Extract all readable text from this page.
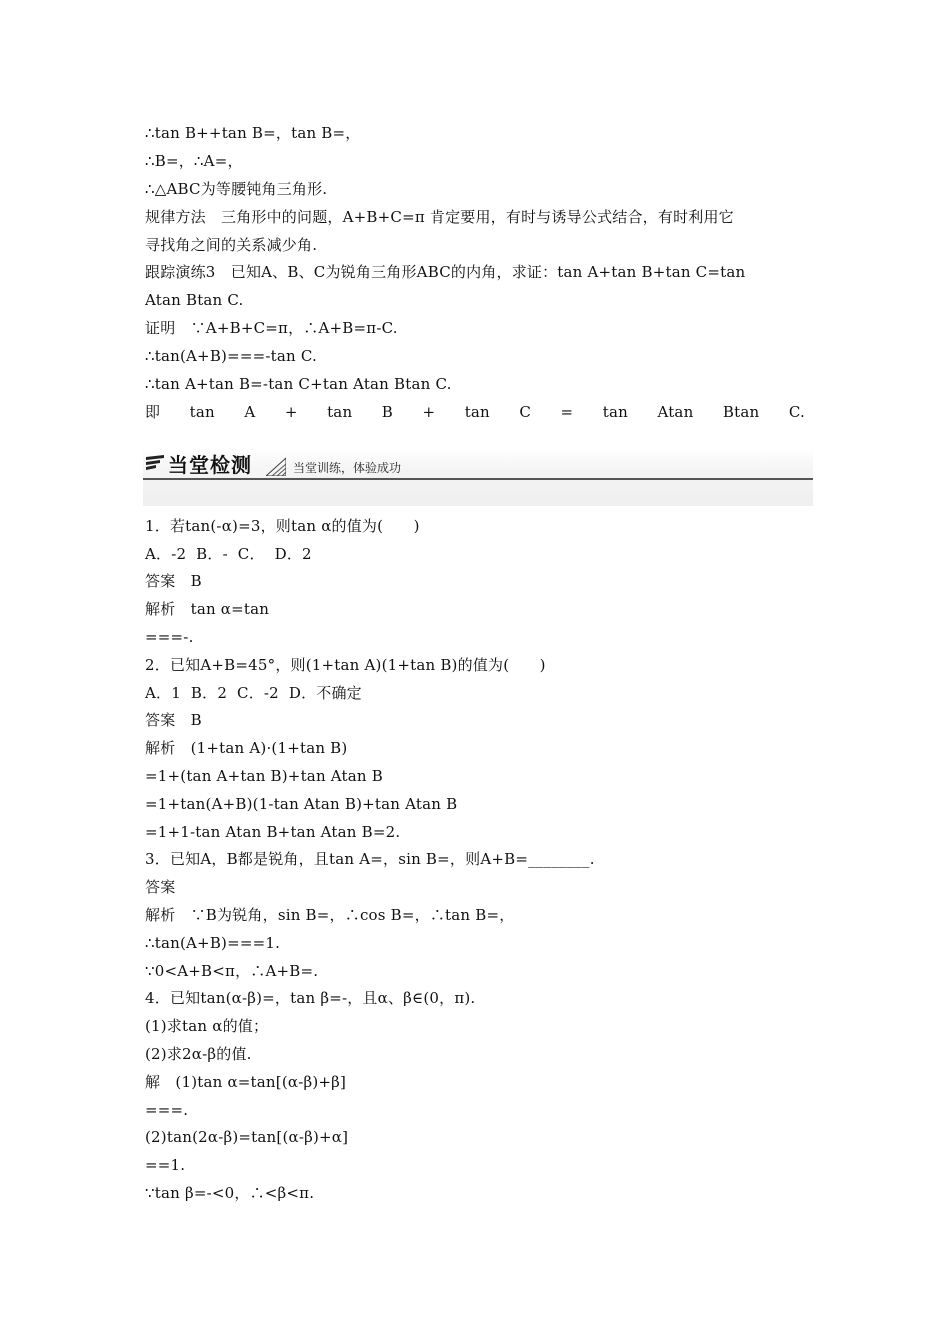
∴tan B++tan B=，tan B=，
∴B=，∴A=，
∴△ABC为等腰钝角三角形.
规律方法　三角形中的问题，A+B+C=π 肯定要用，有时与诱导公式结合，有时利用它
寻找角之间的关系减少角.
跟踪演练3　已知A、B、C为锐角三角形ABC的内角，求证：tan A+tan B+tan C=tan
Atan Btan C.
证明　∵A+B+C=π，∴A+B=π-C.
∴tan(A+B)===-tan C.
∴tan A+tan B=-tan C+tan Atan Btan C.
即 tan A + tan B + tan C = tan Atan Btan C.
当堂检测	当堂训练，体验成功
1．若tan(-α)=3，则tan α的值为(　　)
A．-2  B．-  C．  D．2
答案　B
解析　tan α=tan
===-.
2．已知A+B=45°，则(1+tan A)(1+tan B)的值为(　　)
A．1  B．2  C．-2  D．不确定
答案　B
解析　(1+tan A)·(1+tan B)
=1+(tan A+tan B)+tan Atan B
=1+tan(A+B)(1-tan Atan B)+tan Atan B
=1+1-tan Atan B+tan Atan B=2.
3．已知A，B都是锐角，且tan A=，sin B=，则A+B=________.
答案
解析　∵B为锐角，sin B=，∴cos B=，∴tan B=，
∴tan(A+B)===1.
∵0<A+B<π，∴A+B=.
4．已知tan(α-β)=，tan β=-，且α、β∈(0，π).
(1)求tan α的值；
(2)求2α-β的值.
解　(1)tan α=tan[(α-β)+β]
===.
(2)tan(2α-β)=tan[(α-β)+α]
==1.
∵tan β=-<0，∴<β<π.
